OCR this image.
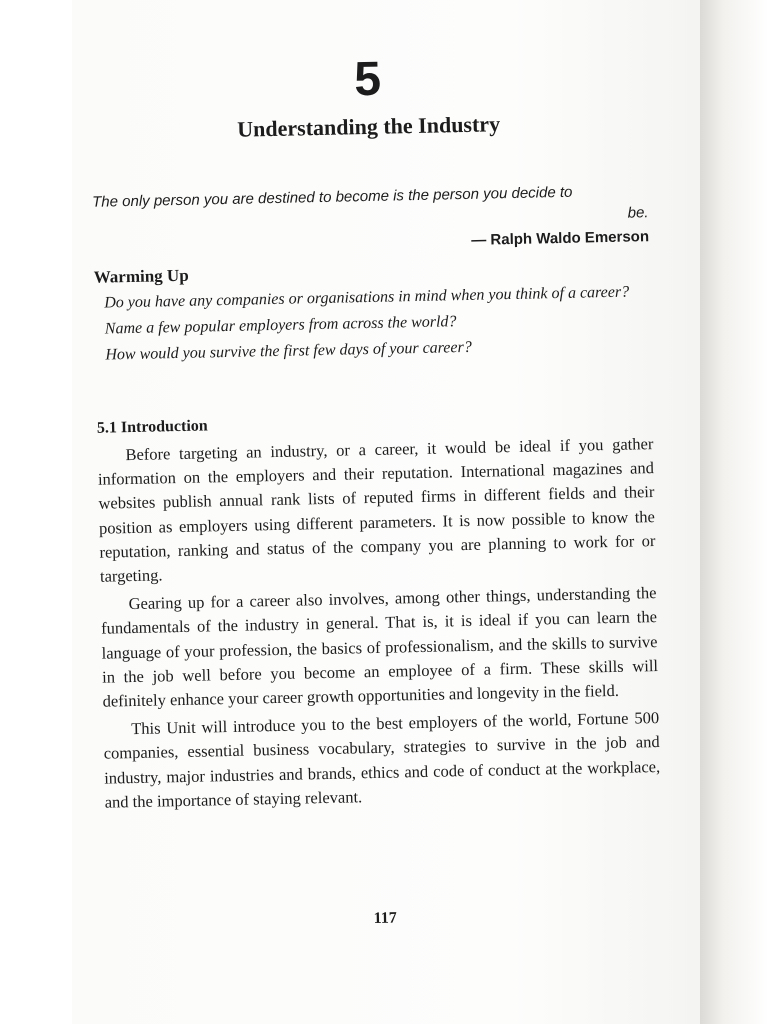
5
Understanding the Industry

The only person you are destined to become is the person you decide to
be.

— Ralph Waldo Emerson

Warming Up

Do you have any companies or organisations in mind when you think of a career?

Name a few popular employers from across the world?

How would you survive the first few days of your career?

5.1 Introduction

Before targeting an industry, or a career, it would be ideal if you gather information on the employers and their reputation. International magazines and websites publish annual rank lists of reputed firms in different fields and their position as employers using different parameters. It is now possible to know the reputation, ranking and status of the company you are planning to work for or targeting.

Gearing up for a career also involves, among other things, understanding the fundamentals of the industry in general. That is, it is ideal if you can learn the language of your profession, the basics of professionalism, and the skills to survive in the job well before you become an employee of a firm. These skills will definitely enhance your career growth opportunities and longevity in the field.

This Unit will introduce you to the best employers of the world, Fortune 500 companies, essential business vocabulary, strategies to survive in the job and industry, major industries and brands, ethics and code of conduct at the workplace, and the importance of staying relevant.

117
